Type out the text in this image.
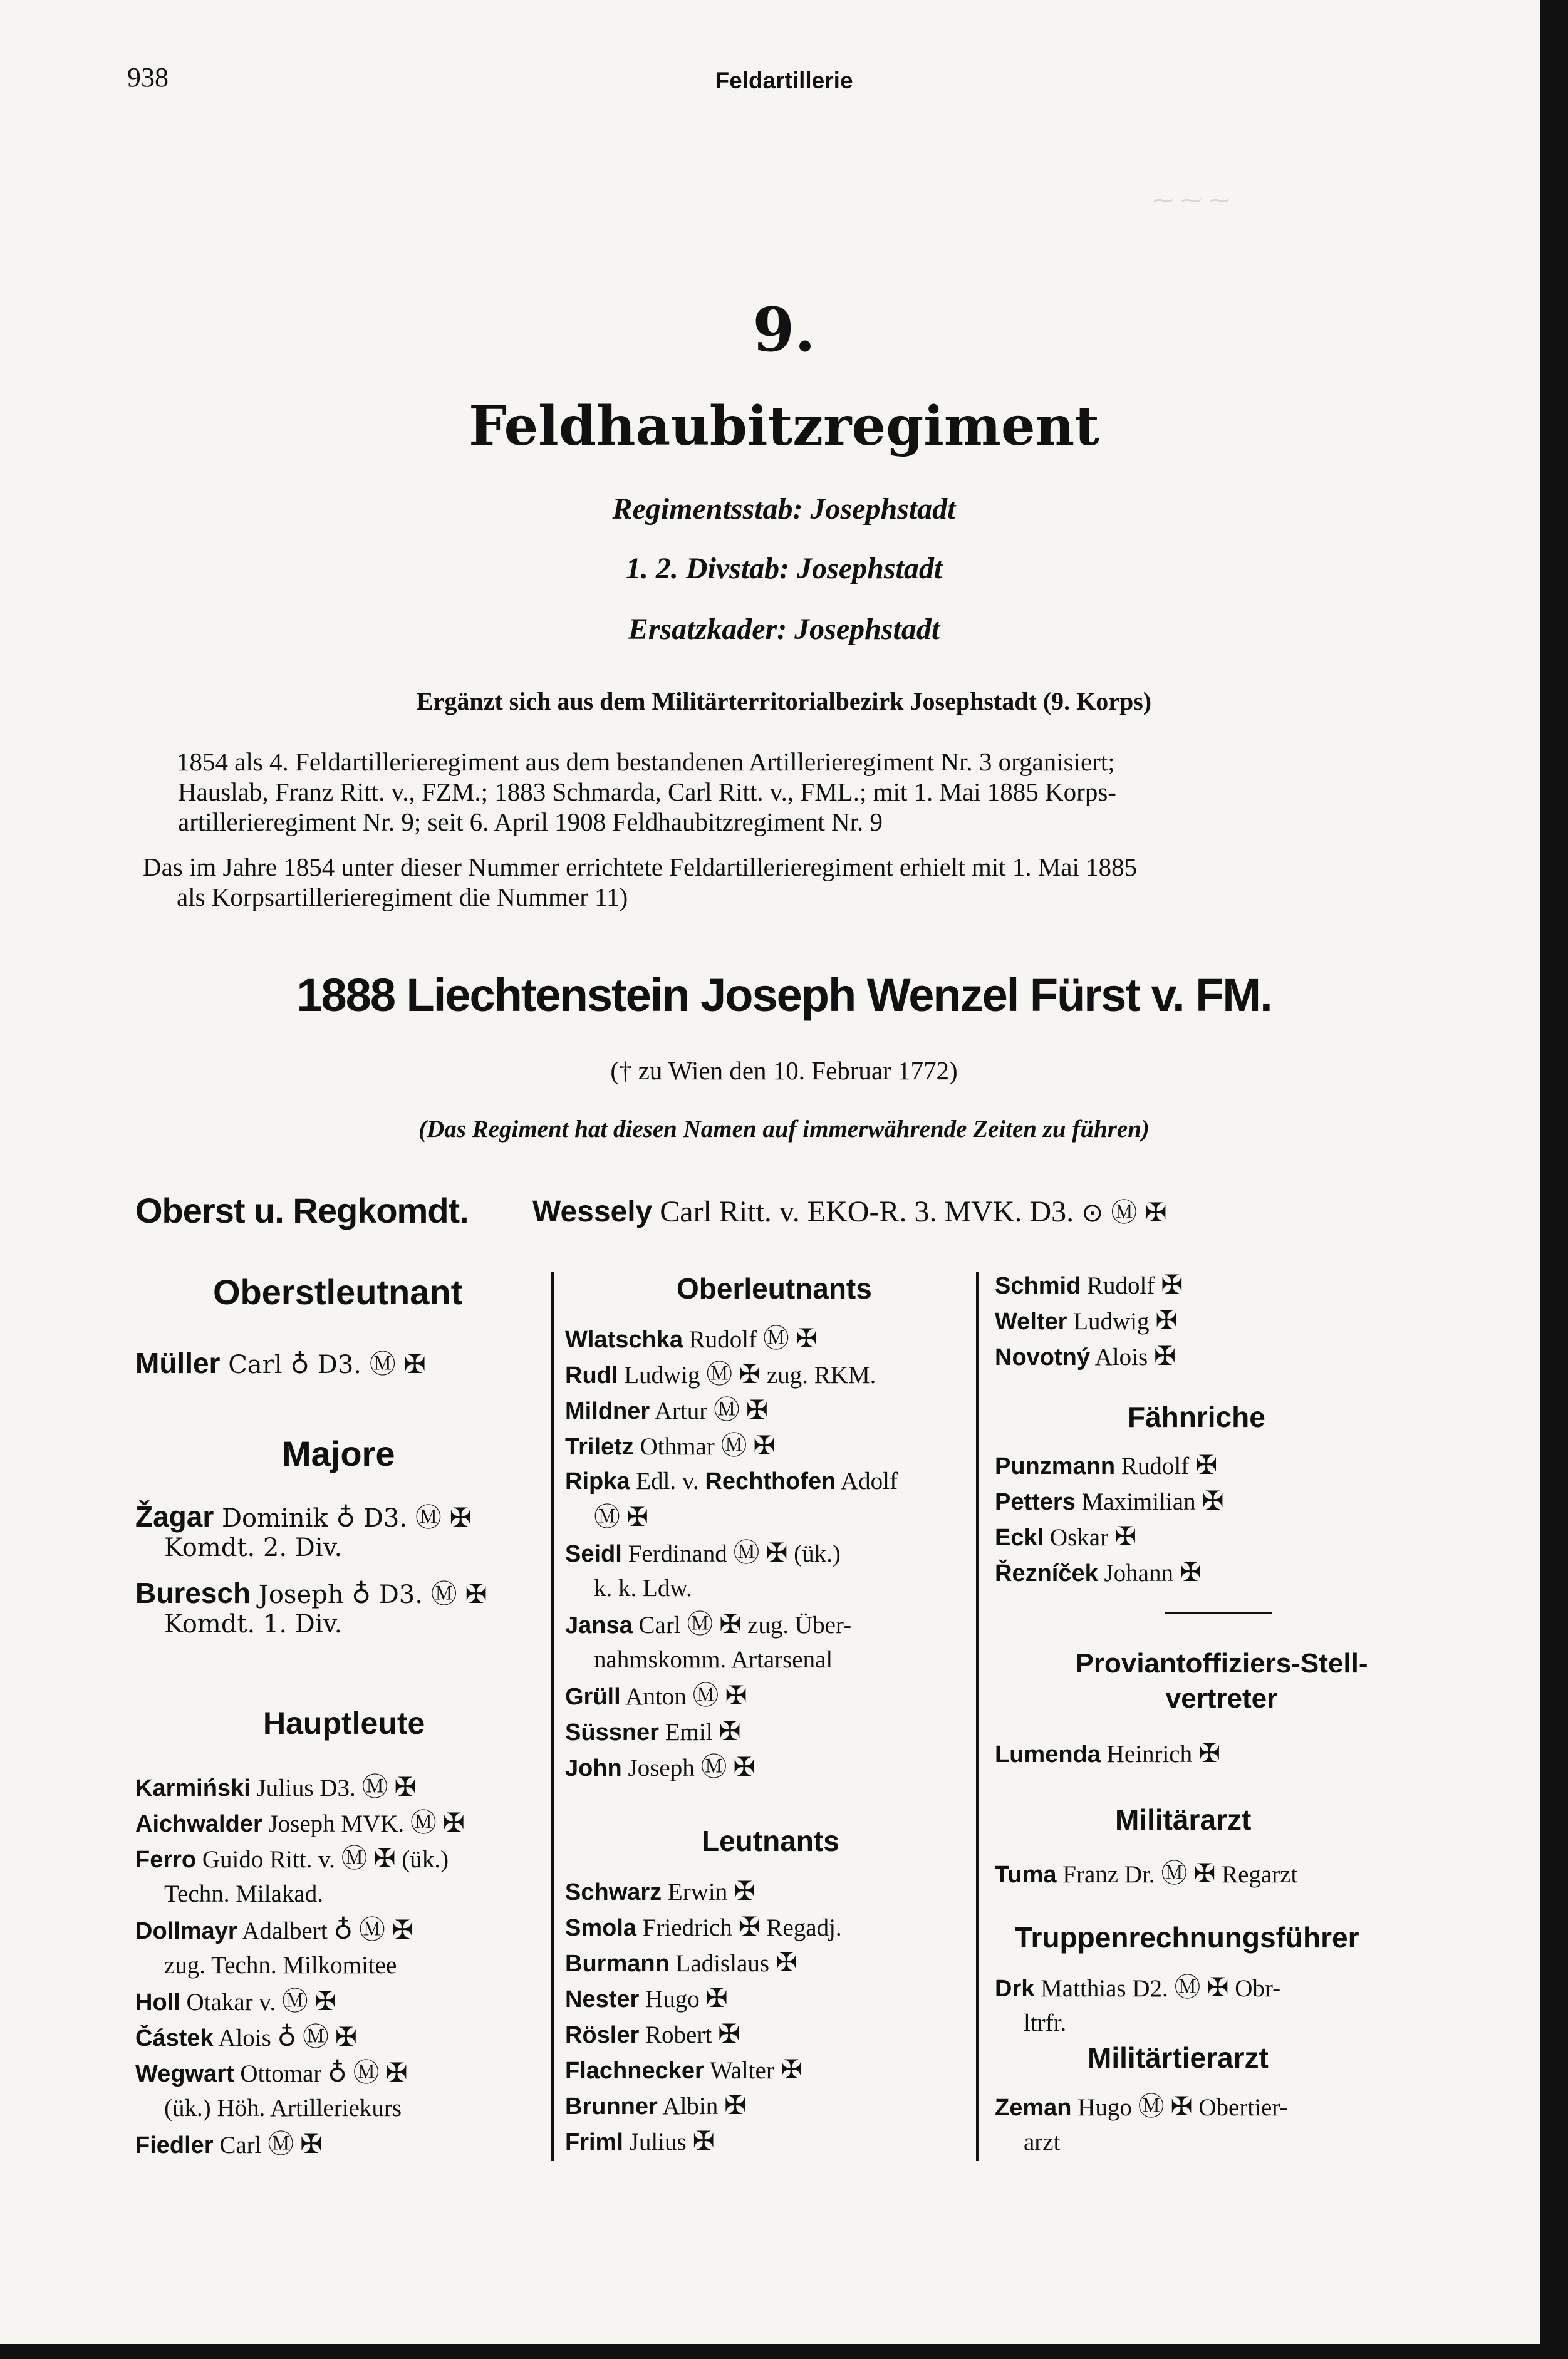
⁓ ⁓ ⁓
938	Feldartillerie
9.
Feldhaubitzregiment
Regimentsstab: Josephstadt
1. 2. Divstab: Josephstadt
Ersatzkader: Josephstadt
Ergänzt sich aus dem Militärterritorialbezirk Josephstadt (9. Korps)
1854 als 4. Feldartillerieregiment aus dem bestandenen Artillerieregiment Nr. 3 organisiert;
Hauslab, Franz Ritt. v., FZM.; 1883 Schmarda, Carl Ritt. v., FML.; mit 1. Mai 1885 Korps-
artillerieregiment Nr. 9; seit 6. April 1908 Feldhaubitzregiment Nr. 9
Das im Jahre 1854 unter dieser Nummer errichtete Feldartillerieregiment erhielt mit 1. Mai 1885
als Korpsartillerieregiment die Nummer 11)
1888 Liechtenstein Joseph Wenzel Fürst v. FM.
(† zu Wien den 10. Februar 1772)
(Das Regiment hat diesen Namen auf immerwährende Zeiten zu führen)
Oberst u. Regkomdt. Wessely Carl Ritt. v. EKO-R. 3. MVK. D3. ⊙ Ⓜ ✠
Oberstleutnant
Müller Carl ♁ D3. Ⓜ ✠
Majore
Žagar Dominik ♁ D3. Ⓜ ✠
Komdt. 2. Div.
Buresch Joseph ♁ D3. Ⓜ ✠
Komdt. 1. Div.
Hauptleute
Karmiński Julius D3. Ⓜ ✠
Aichwalder Joseph MVK. Ⓜ ✠
Ferro Guido Ritt. v. Ⓜ ✠ (ük.)
Techn. Milakad.
Dollmayr Adalbert ♁ Ⓜ ✠
zug. Techn. Milkomitee
Holl Otakar v. Ⓜ ✠
Částek Alois ♁ Ⓜ ✠
Wegwart Ottomar ♁ Ⓜ ✠
(ük.) Höh. Artilleriekurs
Fiedler Carl Ⓜ ✠
Oberleutnants
Wlatschka Rudolf Ⓜ ✠
Rudl Ludwig Ⓜ ✠ zug. RKM.
Mildner Artur Ⓜ ✠
Triletz Othmar Ⓜ ✠
Ripka Edl. v. Rechthofen Adolf
Ⓜ ✠
Seidl Ferdinand Ⓜ ✠ (ük.)
k. k. Ldw.
Jansa Carl Ⓜ ✠ zug. Über-
nahmskomm. Artarsenal
Grüll Anton Ⓜ ✠
Süssner Emil ✠
John Joseph Ⓜ ✠
Leutnants
Schwarz Erwin ✠
Smola Friedrich ✠ Regadj.
Burmann Ladislaus ✠
Nester Hugo ✠
Rösler Robert ✠
Flachnecker Walter ✠
Brunner Albin ✠
Friml Julius ✠
Schmid Rudolf ✠
Welter Ludwig ✠
Novotný Alois ✠
Fähnriche
Punzmann Rudolf ✠
Petters Maximilian ✠
Eckl Oskar ✠
Řezníček Johann ✠
Proviantoffiziers-Stell-
vertreter
Lumenda Heinrich ✠
Militärarzt
Tuma Franz Dr. Ⓜ ✠ Regarzt
Truppenrechnungsführer
Drk Matthias D2. Ⓜ ✠ Obr-
ltrfr.
Militärtierarzt
Zeman Hugo Ⓜ ✠ Obertier-
arzt
